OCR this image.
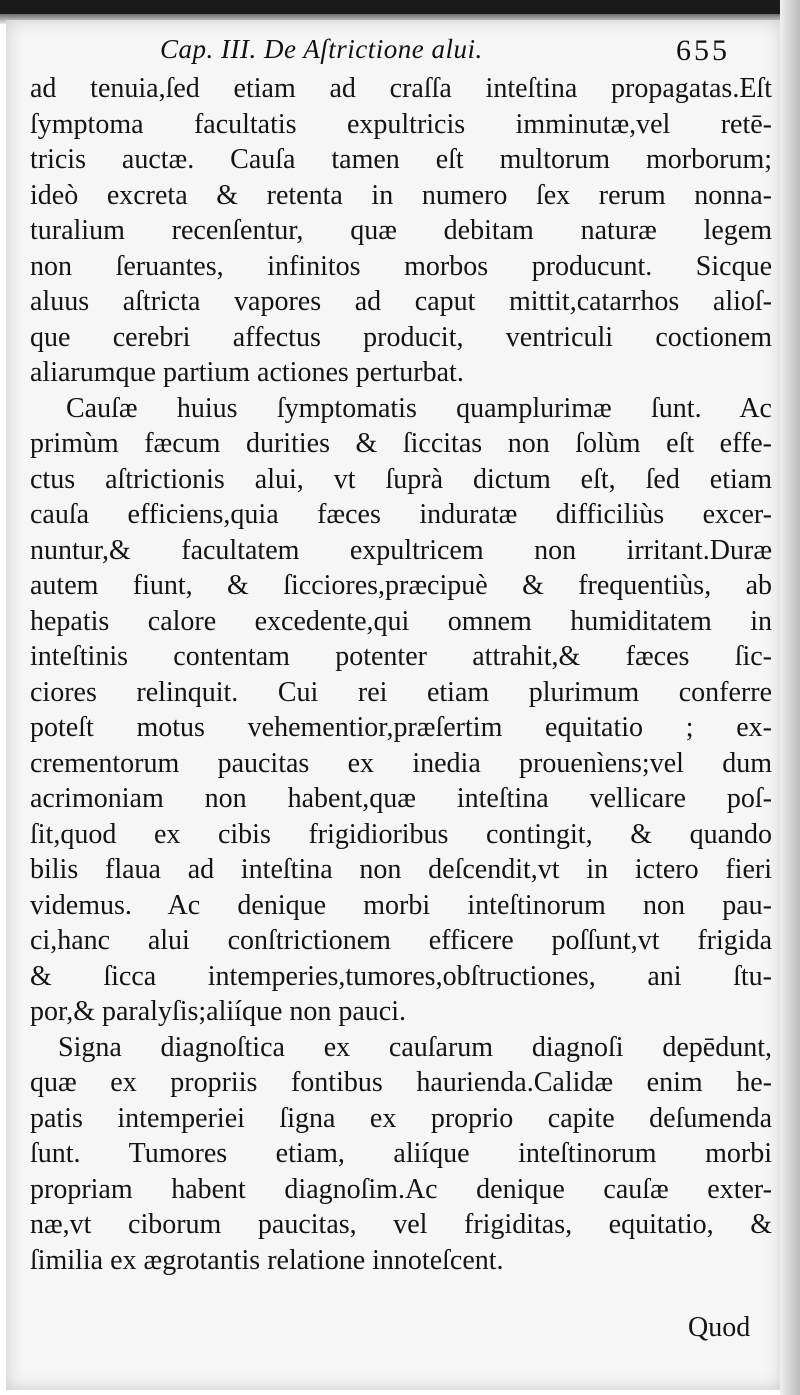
Cap. III. De Aſtrictione alui.	655
ad tenuia,ſed etiam ad craſſa inteſtina propagatas.Eſt
ſymptoma facultatis expultricis imminutæ,vel retē-
tricis auctæ. Cauſa tamen eſt multorum morborum;
ideò excreta & retenta in numero ſex rerum nonna-
turalium recenſentur, quæ debitam naturæ legem
non ſeruantes, infinitos morbos producunt. Sicque
aluus aſtricta vapores ad caput mittit,catarrhos alioſ-
que cerebri affectus producit, ventriculi coctionem
aliarumque partium actiones perturbat.
Cauſæ huius ſymptomatis quamplurimæ ſunt. Ac
primùm fæcum durities & ſiccitas non ſolùm eſt effe-
ctus aſtrictionis alui, vt ſuprà dictum eſt, ſed etiam
cauſa efficiens,quia fæces induratæ difficiliùs excer-
nuntur,& facultatem expultricem non irritant.Duræ
autem fiunt, & ſicciores,præcipuè & frequentiùs, ab
hepatis calore excedente,qui omnem humiditatem in
inteſtinis contentam potenter attrahit,& fæces ſic-
ciores relinquit. Cui rei etiam plurimum conferre
poteſt motus vehementior,præſertim equitatio ; ex-
crementorum paucitas ex inedia prouenìens;vel dum
acrimoniam non habent,quæ inteſtina vellicare poſ-
ſit,quod ex cibis frigidioribus contingit, & quando
bilis flaua ad inteſtina non deſcendit,vt in ictero fieri
videmus. Ac denique morbi inteſtinorum non pau-
ci,hanc alui conſtrictionem efficere poſſunt,vt frigida
& ſicca intemperies,tumores,obſtructiones, ani ſtu-
por,& paralyſis;aliíque non pauci.
Signa diagnoſtica ex cauſarum diagnoſi depēdunt,
quæ ex propriis fontibus haurienda.Calidæ enim he-
patis intemperiei ſigna ex proprio capite deſumenda
ſunt. Tumores etiam, aliíque inteſtinorum morbi
propriam habent diagnoſim.Ac denique cauſæ exter-
næ,vt ciborum paucitas, vel frigiditas, equitatio, &
ſimilia ex ægrotantis relatione innoteſcent.
Quod
